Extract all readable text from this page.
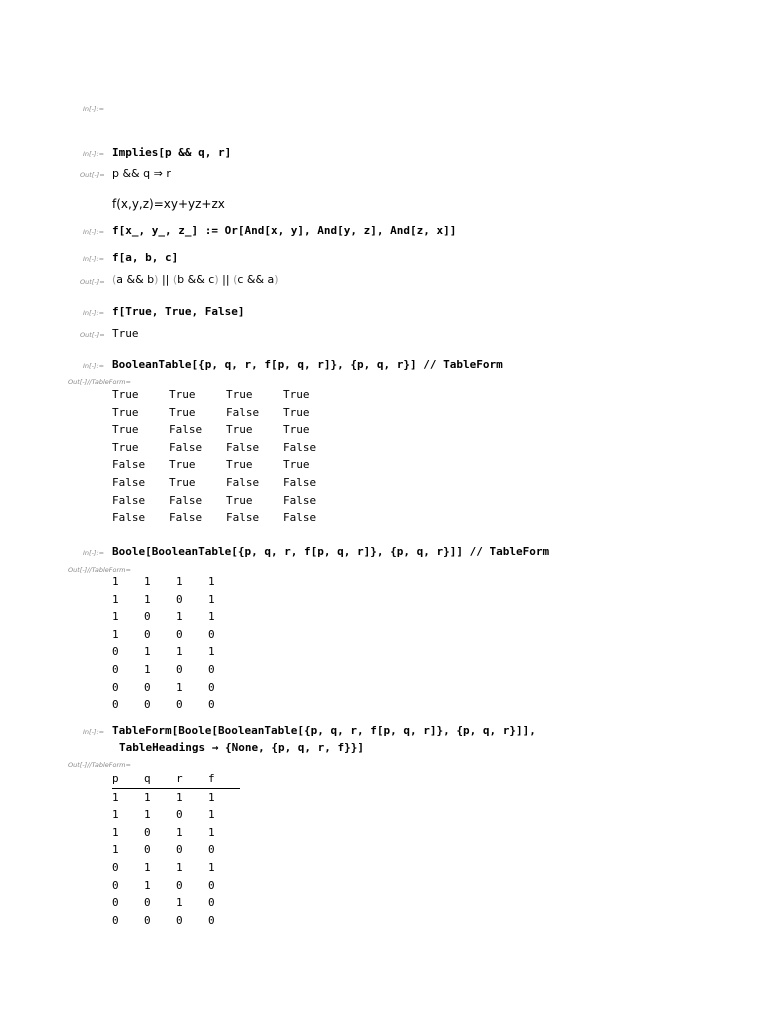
In[-]:=
In[-]:= Implies[p && q, r]
Out[-]= p && q ⇒ r
f(x,y,z)=xy+yz+zx
In[-]:= f[x_, y_, z_] := Or[And[x, y], And[y, z], And[z, x]]
In[-]:= f[a, b, c]
Out[-]= (a && b) || (b && c) || (c && a)
In[-]:= f[True, True, False]
Out[-]= True
In[-]:= BooleanTable[{p, q, r, f[p, q, r]}, {p, q, r}] // TableForm
Out[-]//TableForm=
True	True	True	True
True	True	False	True
True	False	True	True
True	False	False	False
False	True	True	True
False	True	False	False
False	False	True	False
False	False	False	False
In[-]:= Boole[BooleanTable[{p, q, r, f[p, q, r]}, {p, q, r}]] // TableForm
Out[-]//TableForm=
1	1	1	1
1	1	0	1
1	0	1	1
1	0	0	0
0	1	1	1
0	1	0	0
0	0	1	0
0	0	0	0
In[-]:= TableForm[Boole[BooleanTable[{p, q, r, f[p, q, r]}, {p, q, r}]],
TableHeadings → {None, {p, q, r, f}}]
Out[-]//TableForm=
p	q	r	f
1	1	1	1
1	1	0	1
1	0	1	1
1	0	0	0
0	1	1	1
0	1	0	0
0	0	1	0
0	0	0	0
